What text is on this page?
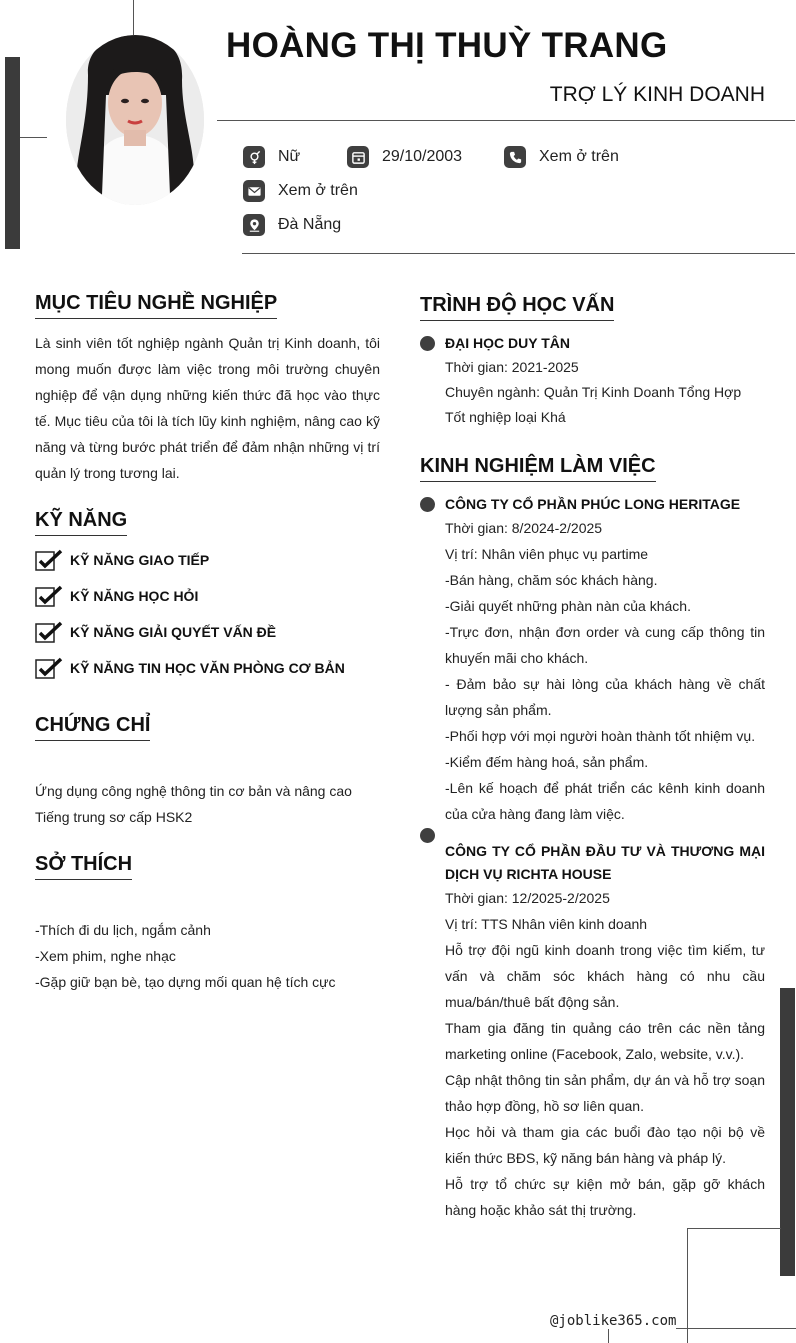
HOÀNG THỊ THUỲ TRANG
TRỢ LÝ KINH DOANH
Nữ	29/10/2003	Xem ở trên
Xem ở trên
Đà Nẵng
MỤC TIÊU NGHỀ NGHIỆP
Là sinh viên tốt nghiệp ngành Quản trị Kinh doanh, tôi mong muốn được làm việc trong môi trường chuyên nghiệp để vận dụng những kiến thức đã học vào thực tế. Mục tiêu của tôi là tích lũy kinh nghiệm, nâng cao kỹ năng và từng bước phát triển để đảm nhận những vị trí quản lý trong tương lai.
KỸ NĂNG
KỸ NĂNG GIAO TIẾP
KỸ NĂNG HỌC HỎI
KỸ NĂNG GIẢI QUYẾT VẤN ĐỀ
KỸ NĂNG TIN HỌC VĂN PHÒNG CƠ BẢN
CHỨNG CHỈ
Ứng dụng công nghệ thông tin cơ bản và nâng cao
Tiếng trung sơ cấp HSK2
SỞ THÍCH
-Thích đi du lịch, ngắm cảnh
-Xem phim, nghe nhạc
-Gặp giữ bạn bè, tạo dựng mối quan hệ tích cực
TRÌNH ĐỘ HỌC VẤN
ĐẠI HỌC DUY TÂN
Thời gian: 2021-2025
Chuyên ngành: Quản Trị Kinh Doanh Tổng Hợp
Tốt nghiệp loại Khá
KINH NGHIỆM LÀM VIỆC
CÔNG TY CỔ PHẦN PHÚC LONG HERITAGE
Thời gian: 8/2024-2/2025
Vị trí: Nhân viên phục vụ partime
-Bán hàng, chăm sóc khách hàng.
-Giải quyết những phàn nàn của khách.
-Trực đơn, nhận đơn order và cung cấp thông tin khuyến mãi cho khách.
- Đảm bảo sự hài lòng của khách hàng về chất lượng sản phẩm.
-Phối hợp với mọi người hoàn thành tốt nhiệm vụ.
-Kiểm đếm hàng hoá, sản phẩm.
-Lên kế hoạch để phát triển các kênh kinh doanh của cửa hàng đang làm việc.
CÔNG TY CỔ PHẦN ĐẦU TƯ VÀ THƯƠNG MẠI DỊCH VỤ RICHTA HOUSE
Thời gian: 12/2025-2/2025
Vị trí: TTS Nhân viên kinh doanh
Hỗ trợ đội ngũ kinh doanh trong việc tìm kiếm, tư vấn và chăm sóc khách hàng có nhu cầu mua/bán/thuê bất động sản.
Tham gia đăng tin quảng cáo trên các nền tảng marketing online (Facebook, Zalo, website, v.v.).
Cập nhật thông tin sản phẩm, dự án và hỗ trợ soạn thảo hợp đồng, hồ sơ liên quan.
Học hỏi và tham gia các buổi đào tạo nội bộ về kiến thức BĐS, kỹ năng bán hàng và pháp lý.
Hỗ trợ tổ chức sự kiện mở bán, gặp gỡ khách hàng hoặc khảo sát thị trường.
@joblike365.com
